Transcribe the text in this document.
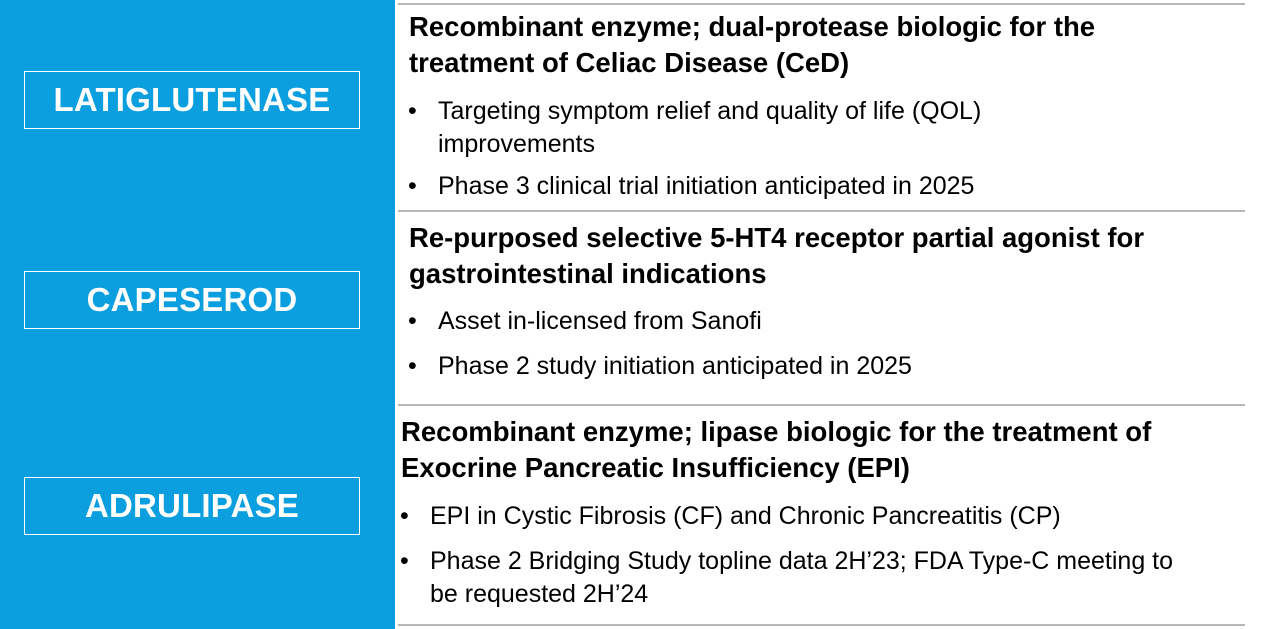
LATIGLUTENASE
CAPESEROD
ADRULIPASE
Recombinant enzyme; dual-protease biologic for the
treatment of Celiac Disease (CeD)
• Targeting symptom relief and quality of life (QOL)
improvements
• Phase 3 clinical trial initiation anticipated in 2025
Re-purposed selective 5-HT4 receptor partial agonist for
gastrointestinal indications
• Asset in-licensed from Sanofi
• Phase 2 study initiation anticipated in 2025
Recombinant enzyme; lipase biologic for the treatment of
Exocrine Pancreatic Insufficiency (EPI)
• EPI in Cystic Fibrosis (CF) and Chronic Pancreatitis (CP)
• Phase 2 Bridging Study topline data 2H’23; FDA Type-C meeting to
be requested 2H’24
